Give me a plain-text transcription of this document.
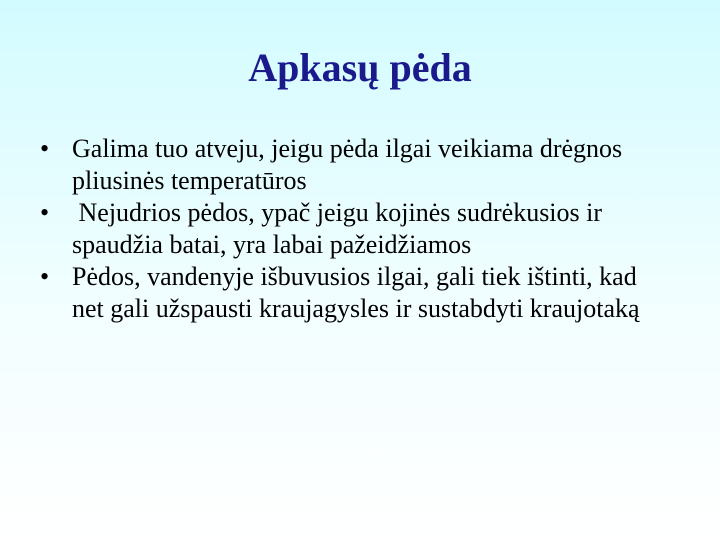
Apkasų pėda
• Galima tuo atveju, jeigu pėda ilgai veikiama drėgnos pliusinės temperatūros
• Nejudrios pėdos, ypač jeigu kojinės sudrėkusios ir spaudžia batai, yra labai pažeidžiamos
• Pėdos, vandenyje išbuvusios ilgai, gali tiek ištinti, kad net gali užspausti kraujagysles ir sustabdyti kraujotaką
